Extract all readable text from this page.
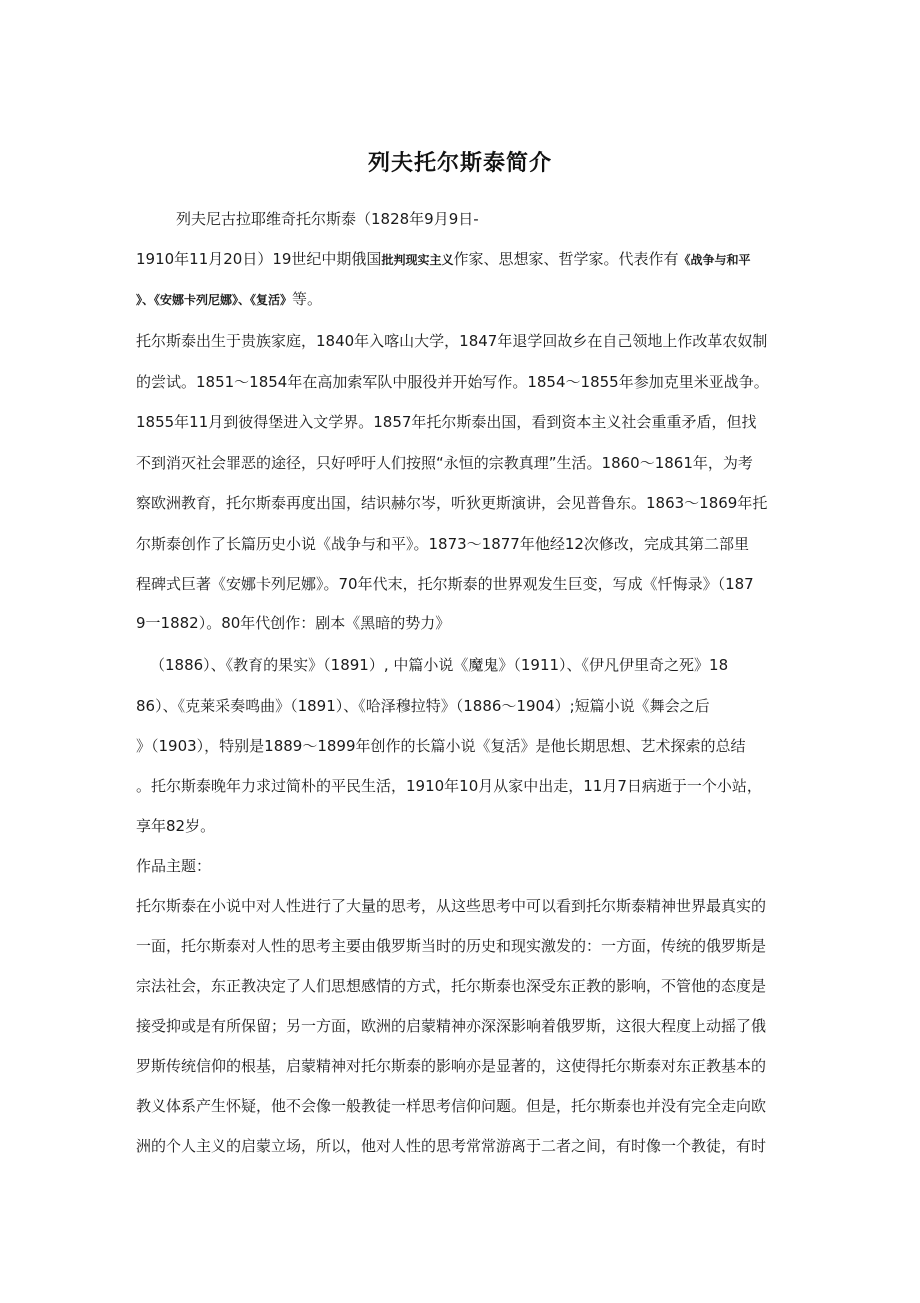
列夫托尔斯泰简介
列夫尼古拉耶维奇托尔斯泰（1828年9月9日-
1910年11月20日）19世纪中期俄国批判现实主义作家、思想家、哲学家。代表作有《战争与和平
》、《安娜卡列尼娜》、《复活》等。
托尔斯泰出生于贵族家庭，1840年入喀山大学，1847年退学回故乡在自己领地上作改革农奴制
的尝试。1851～1854年在高加索军队中服役并开始写作。1854～1855年参加克里米亚战争。
1855年11月到彼得堡进入文学界。1857年托尔斯泰出国，看到资本主义社会重重矛盾，但找
不到消灭社会罪恶的途径，只好呼吁人们按照“永恒的宗教真理”生活。1860～1861年，为考
察欧洲教育，托尔斯泰再度出国，结识赫尔岑，听狄更斯演讲，会见普鲁东。1863～1869年托
尔斯泰创作了长篇历史小说《战争与和平》。1873～1877年他经12次修改，完成其第二部里
程碑式巨著《安娜卡列尼娜》。70年代末，托尔斯泰的世界观发生巨变，写成《忏悔录》（187
9一1882）。80年代创作：剧本《黑暗的势力》
（1886）、《教育的果实》（1891）, 中篇小说《魔鬼》（1911）、《伊凡伊里奇之死》18
86）、《克莱采奏鸣曲》（1891）、《哈泽穆拉特》（1886～1904）;短篇小说《舞会之后
》（1903），特别是1889～1899年创作的长篇小说《复活》是他长期思想、艺术探索的总结
。托尔斯泰晚年力求过简朴的平民生活，1910年10月从家中出走，11月7日病逝于一个小站，
享年82岁。
作品主题：
托尔斯泰在小说中对人性进行了大量的思考，从这些思考中可以看到托尔斯泰精神世界最真实的
一面，托尔斯泰对人性的思考主要由俄罗斯当时的历史和现实激发的：一方面，传统的俄罗斯是
宗法社会，东正教决定了人们思想感情的方式，托尔斯泰也深受东正教的影响，不管他的态度是
接受抑或是有所保留；另一方面，欧洲的启蒙精神亦深深影响着俄罗斯，这很大程度上动摇了俄
罗斯传统信仰的根基，启蒙精神对托尔斯泰的影响亦是显著的，这使得托尔斯泰对东正教基本的
教义体系产生怀疑，他不会像一般教徒一样思考信仰问题。但是，托尔斯泰也并没有完全走向欧
洲的个人主义的启蒙立场，所以，他对人性的思考常常游离于二者之间，有时像一个教徒，有时
